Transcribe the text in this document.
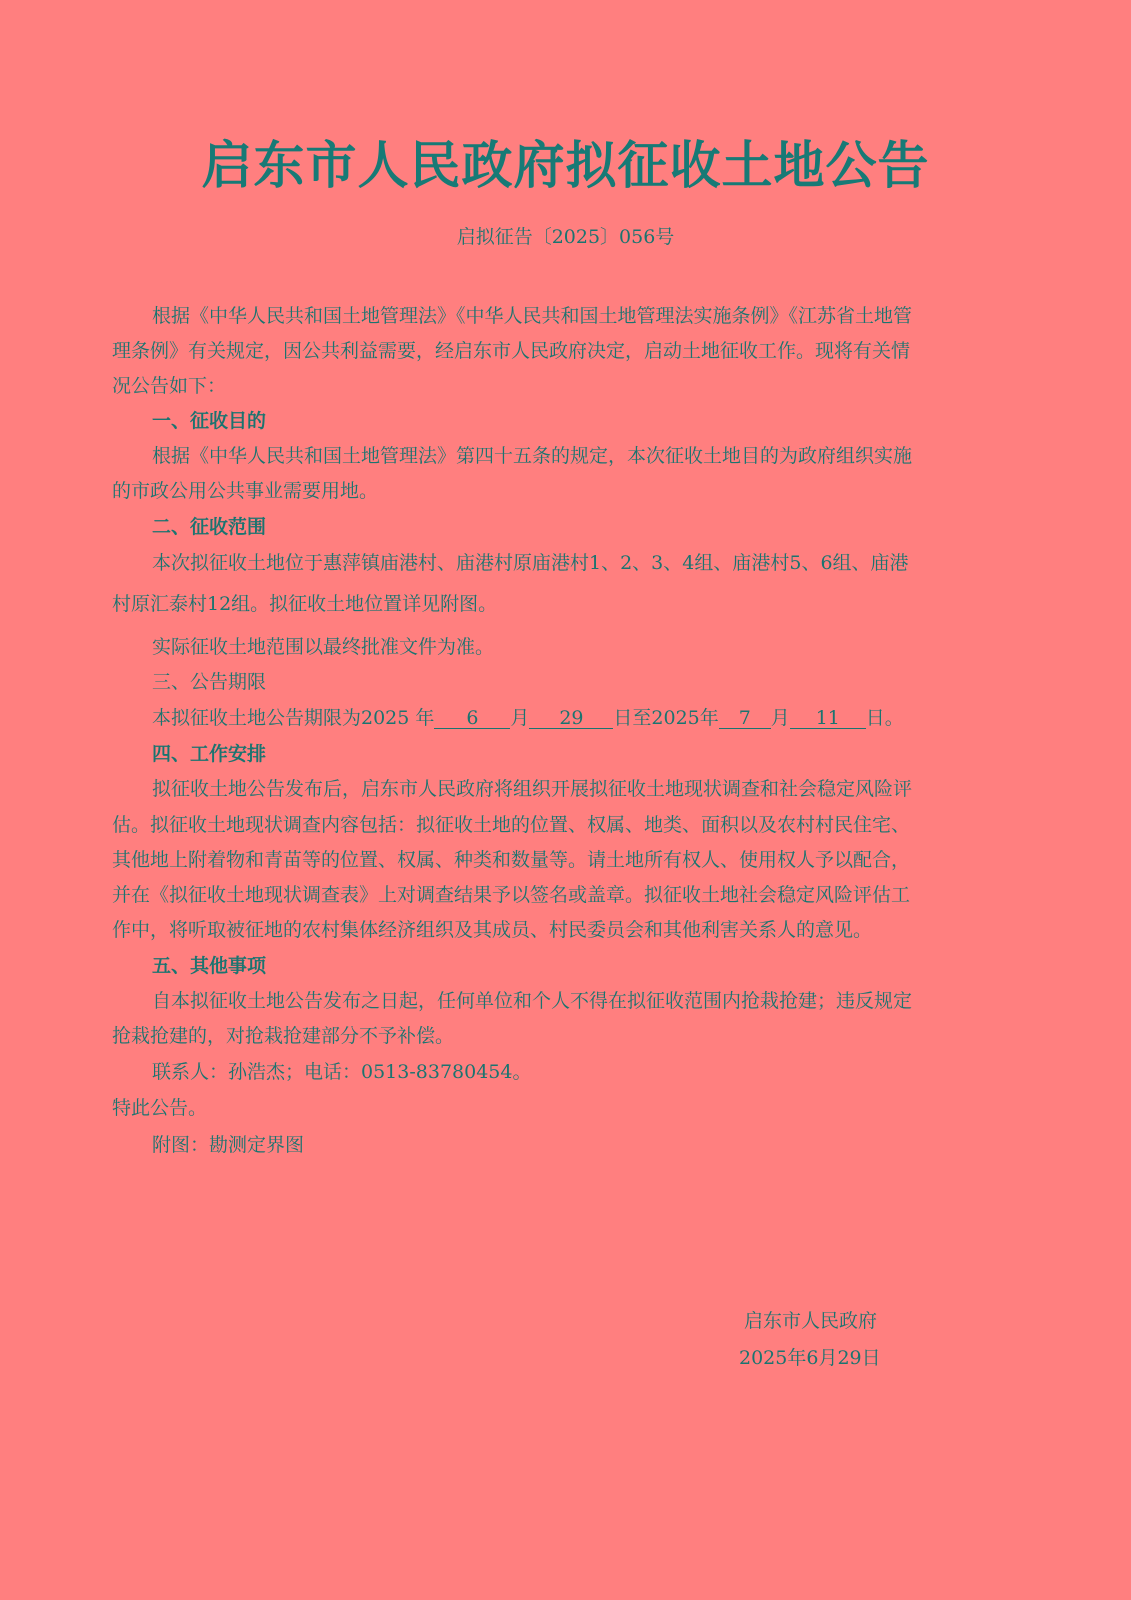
启东市人民政府拟征收土地公告
启拟征告〔2025〕056号
根据《中华人民共和国土地管理法》《中华人民共和国土地管理法实施条例》《江苏省土地管
理条例》有关规定，因公共利益需要，经启东市人民政府决定，启动土地征收工作。现将有关情
况公告如下：
一、征收目的
根据《中华人民共和国土地管理法》第四十五条的规定，本次征收土地目的为政府组织实施
的市政公用公共事业需要用地。
二、征收范围
本次拟征收土地位于惠萍镇庙港村、庙港村原庙港村1、2、3、4组、庙港村5、6组、庙港
村原汇泰村12组。拟征收土地位置详见附图。
实际征收土地范围以最终批准文件为准。
三、公告期限
本拟征收土地公告期限为2025 年 6 月 29 日至2025年 7 月 11 日。
四、工作安排
拟征收土地公告发布后，启东市人民政府将组织开展拟征收土地现状调查和社会稳定风险评
估。拟征收土地现状调查内容包括：拟征收土地的位置、权属、地类、面积以及农村村民住宅、
其他地上附着物和青苗等的位置、权属、种类和数量等。请土地所有权人、使用权人予以配合，
并在《拟征收土地现状调查表》上对调查结果予以签名或盖章。拟征收土地社会稳定风险评估工
作中，将听取被征地的农村集体经济组织及其成员、村民委员会和其他利害关系人的意见。
五、其他事项
自本拟征收土地公告发布之日起，任何单位和个人不得在拟征收范围内抢栽抢建；违反规定
抢栽抢建的，对抢栽抢建部分不予补偿。
联系人：孙浩杰；电话：0513-83780454。
特此公告。
附图：勘测定界图
启东市人民政府
2025年6月29日
